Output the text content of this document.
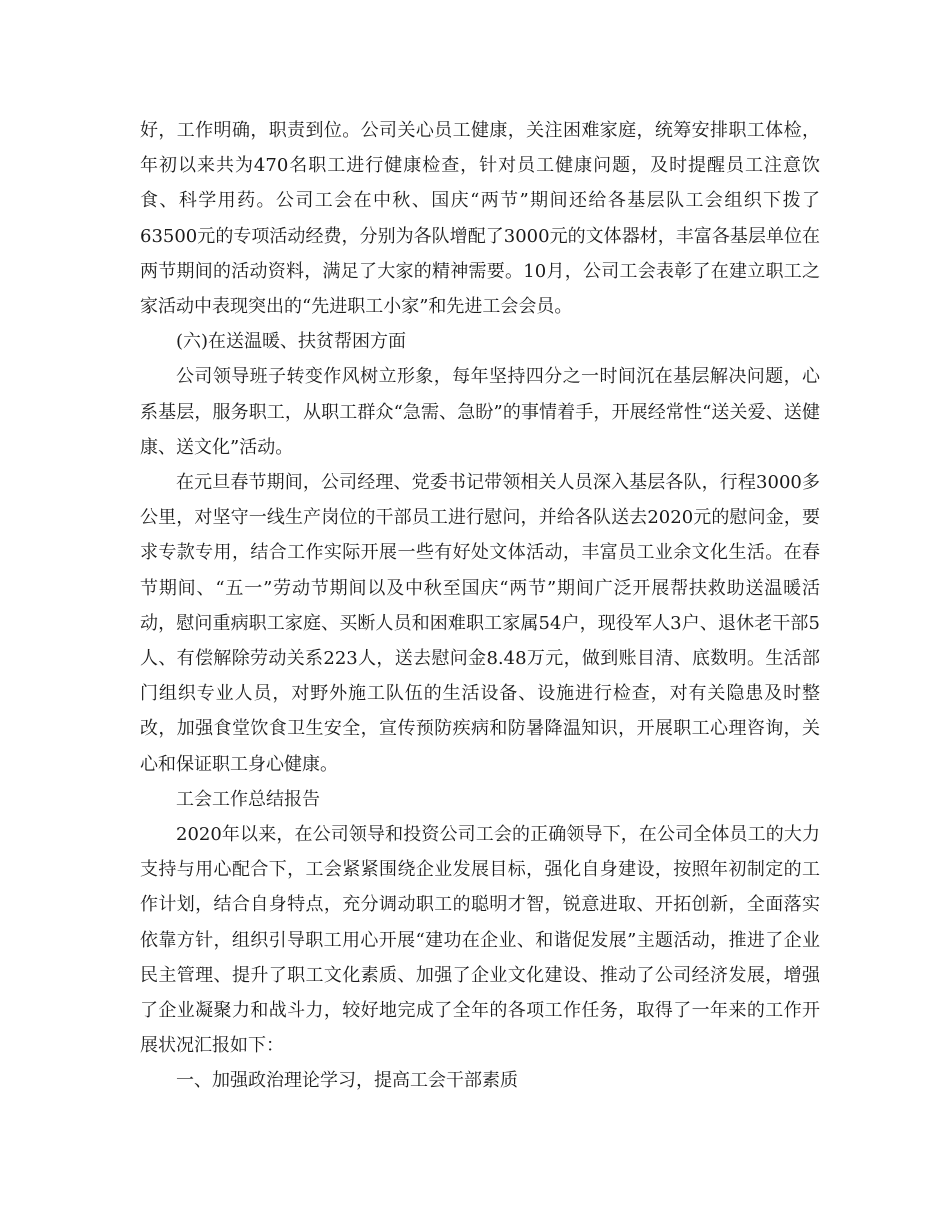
好，工作明确，职责到位。公司关心员工健康，关注困难家庭，统筹安排职工体检，年初以来共为470名职工进行健康检查，针对员工健康问题，及时提醒员工注意饮食、科学用药。公司工会在中秋、国庆“两节”期间还给各基层队工会组织下拨了63500元的专项活动经费，分别为各队增配了3000元的文体器材，丰富各基层单位在两节期间的活动资料，满足了大家的精神需要。10月，公司工会表彰了在建立职工之家活动中表现突出的“先进职工小家”和先进工会会员。

(六)在送温暖、扶贫帮困方面

公司领导班子转变作风树立形象，每年坚持四分之一时间沉在基层解决问题，心系基层，服务职工，从职工群众“急需、急盼”的事情着手，开展经常性“送关爱、送健康、送文化”活动。

在元旦春节期间，公司经理、党委书记带领相关人员深入基层各队，行程3000多公里，对坚守一线生产岗位的干部员工进行慰问，并给各队送去2020元的慰问金，要求专款专用，结合工作实际开展一些有好处文体活动，丰富员工业余文化生活。在春节期间、“五一”劳动节期间以及中秋至国庆“两节”期间广泛开展帮扶救助送温暖活动，慰问重病职工家庭、买断人员和困难职工家属54户，现役军人3户、退休老干部5人、有偿解除劳动关系223人，送去慰问金8.48万元，做到账目清、底数明。生活部门组织专业人员，对野外施工队伍的生活设备、设施进行检查，对有关隐患及时整改，加强食堂饮食卫生安全，宣传预防疾病和防暑降温知识，开展职工心理咨询，关心和保证职工身心健康。

工会工作总结报告

2020年以来，在公司领导和投资公司工会的正确领导下，在公司全体员工的大力支持与用心配合下，工会紧紧围绕企业发展目标，强化自身建设，按照年初制定的工作计划，结合自身特点，充分调动职工的聪明才智，锐意进取、开拓创新，全面落实依靠方针，组织引导职工用心开展“建功在企业、和谐促发展”主题活动，推进了企业民主管理、提升了职工文化素质、加强了企业文化建设、推动了公司经济发展，增强了企业凝聚力和战斗力，较好地完成了全年的各项工作任务，取得了一年来的工作开展状况汇报如下：

一、加强政治理论学习，提高工会干部素质
